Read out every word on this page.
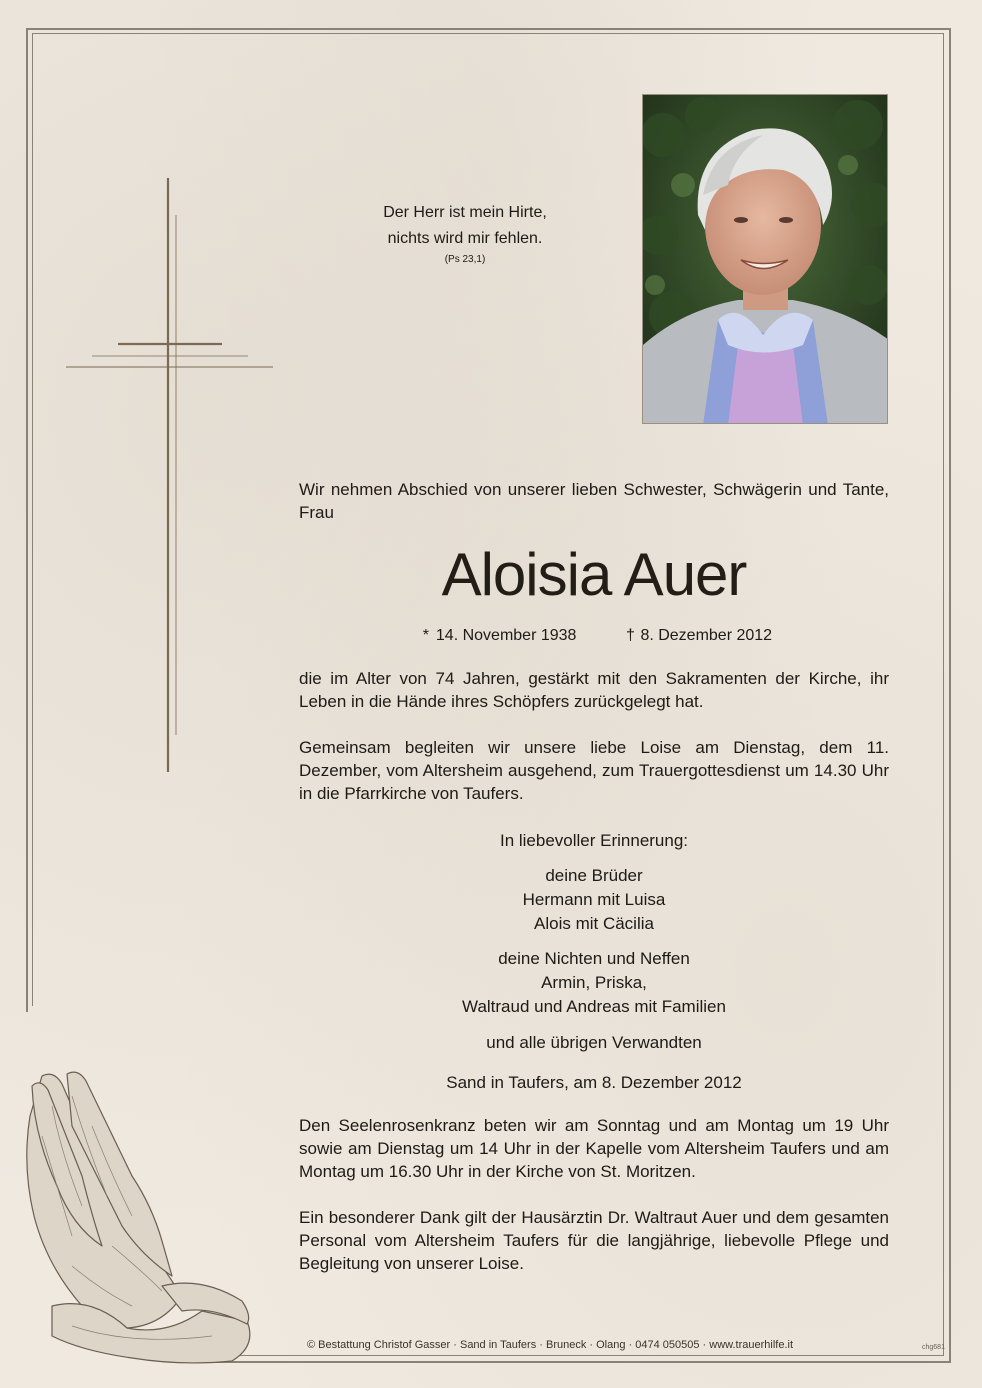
Der Herr ist mein Hirte,
nichts wird mir fehlen.
(Ps 23,1)
Wir nehmen Abschied von unserer lieben Schwester, Schwägerin und Tante, Frau
Aloisia Auer
* 14. November 1938	† 8. Dezember 2012
die im Alter von 74 Jahren, gestärkt mit den Sakramenten der Kirche, ihr Leben in die Hände ihres Schöpfers zurückgelegt hat.
Gemeinsam begleiten wir unsere liebe Loise am Dienstag, dem 11. Dezember, vom Altersheim ausgehend, zum Trauergottesdienst um 14.30 Uhr in die Pfarrkirche von Taufers.
In liebevoller Erinnerung:
deine Brüder
Hermann mit Luisa
Alois mit Cäcilia
deine Nichten und Neffen
Armin, Priska,
Waltraud und Andreas mit Familien
und alle übrigen Verwandten
Sand in Taufers, am 8. Dezember 2012
Den Seelenrosenkranz beten wir am Sonntag und am Montag um 19 Uhr sowie am Dienstag um 14 Uhr in der Kapelle vom Altersheim Taufers und am Montag um 16.30 Uhr in der Kirche von St. Moritzen.
Ein besonderer Dank gilt der Hausärztin Dr. Waltraut Auer und dem gesamten Personal vom Altersheim Taufers für die langjährige, liebevolle Pflege und Begleitung von unserer Loise.
© Bestattung Christof Gasser · Sand in Taufers · Bruneck · Olang · 0474 050505 · www.trauerhilfe.it	chg681
